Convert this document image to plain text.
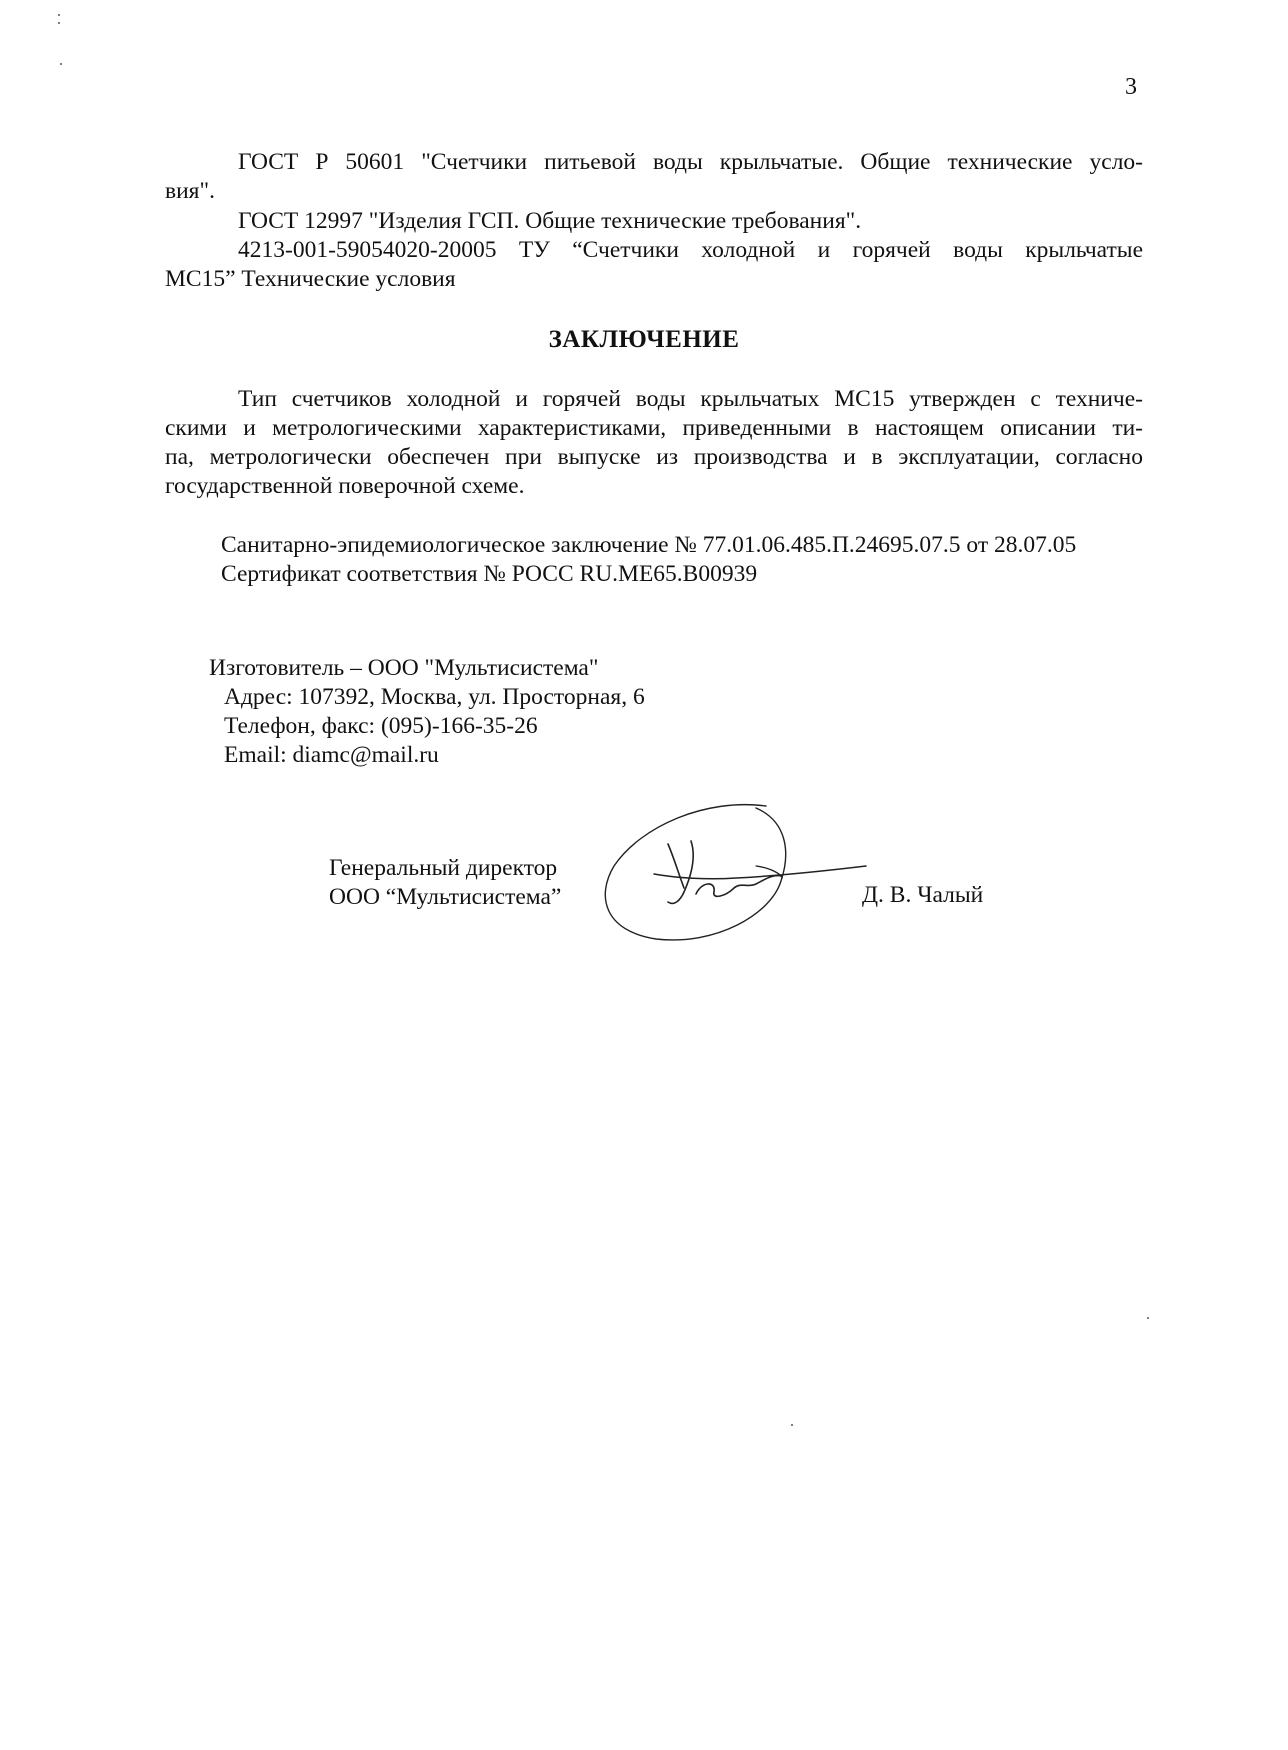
3
ГОСТ Р 50601 "Счетчики питьевой воды крыльчатые. Общие технические усло-
вия".
ГОСТ 12997 "Изделия ГСП. Общие технические требования".
4213-001-59054020-20005 ТУ “Счетчики холодной и горячей воды крыльчатые
МС15” Технические условия
ЗАКЛЮЧЕНИЕ
Тип счетчиков холодной и горячей воды крыльчатых МС15 утвержден с техниче-
скими и метрологическими характеристиками, приведенными в настоящем описании ти-
па, метрологически обеспечен при выпуске из производства и в эксплуатации, согласно
государственной поверочной схеме.
Санитарно-эпидемиологическое заключение № 77.01.06.485.П.24695.07.5 от 28.07.05
Сертификат соответствия № РОСС RU.ME65.B00939
Изготовитель – ООО "Мультисистема"
Адрес: 107392, Москва, ул. Просторная, 6
Телефон, факс: (095)-166-35-26
Email: diamc@mail.ru
Генеральный директор
ООО “Мультисистема”	Д. В. Чалый
